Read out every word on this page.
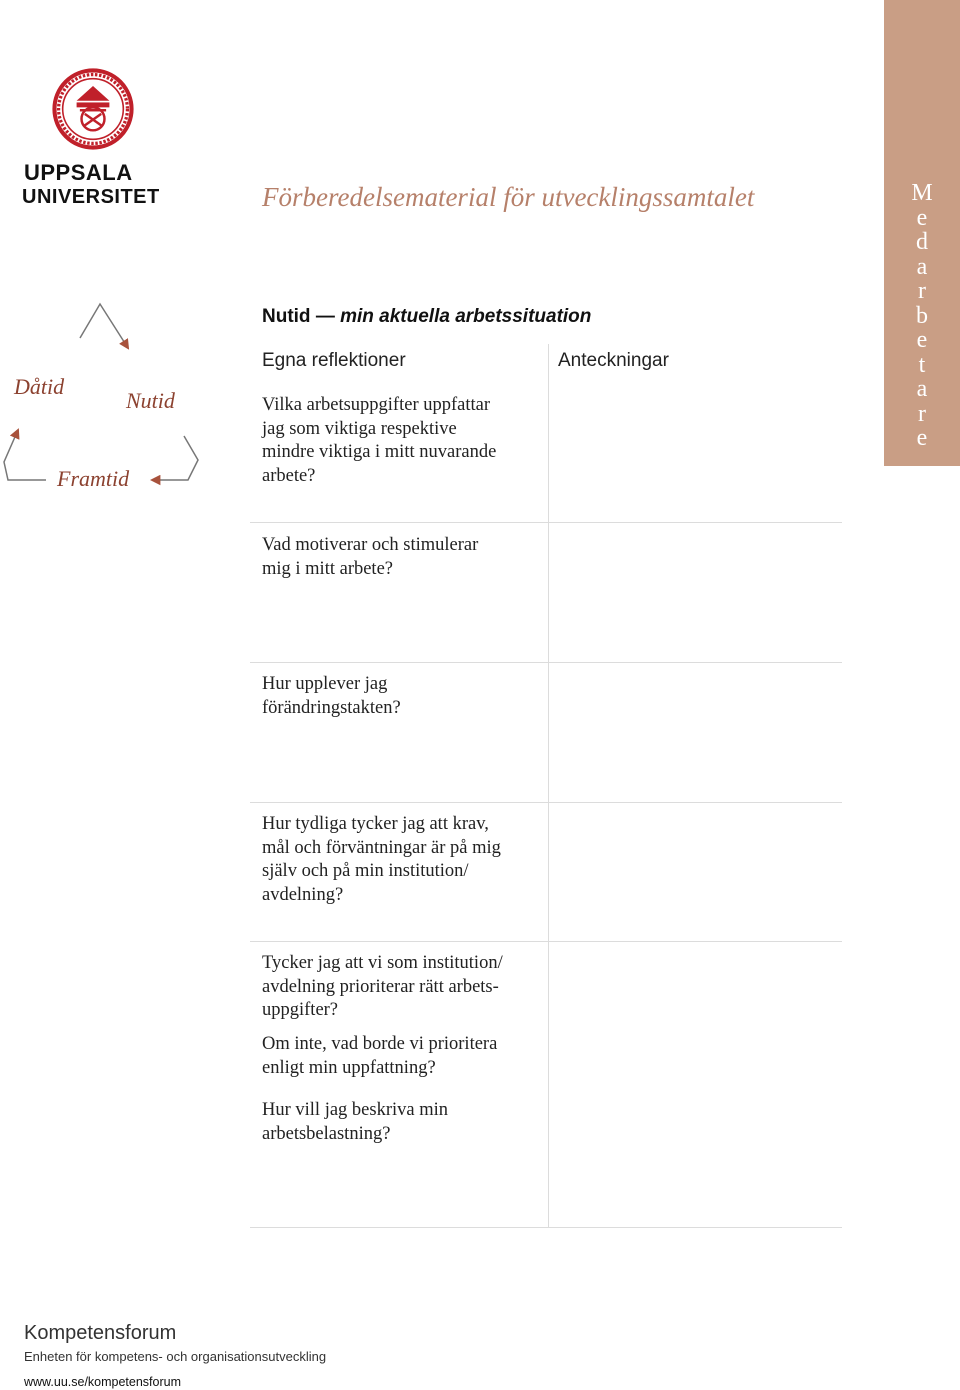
UPPSALA
UNIVERSITET	Förberedelsematerial för utvecklingssamtalet	M
e
d
a
r
b
e
t
a
r
e
Dåtid
Nutid
Framtid
Nutid — min aktuella arbetssituation
Egna reflektioner	Anteckningar
Vilka arbetsuppgifter uppfattar
jag som viktiga respektive
mindre viktiga i mitt nuvarande
arbete?
Vad motiverar och stimulerar
mig i mitt arbete?
Hur upplever jag
förändringstakten?
Hur tydliga tycker jag att krav,
mål och förväntningar är på mig
själv och på min institution/
avdelning?
Tycker jag att vi som institution/
avdelning prioriterar rätt arbets-
uppgifter?
Om inte, vad borde vi prioritera
enligt min uppfattning?
Hur vill jag beskriva min
arbetsbelastning?
Kompetensforum
Enheten för kompetens- och organisationsutveckling
www.uu.se/kompetensforum
